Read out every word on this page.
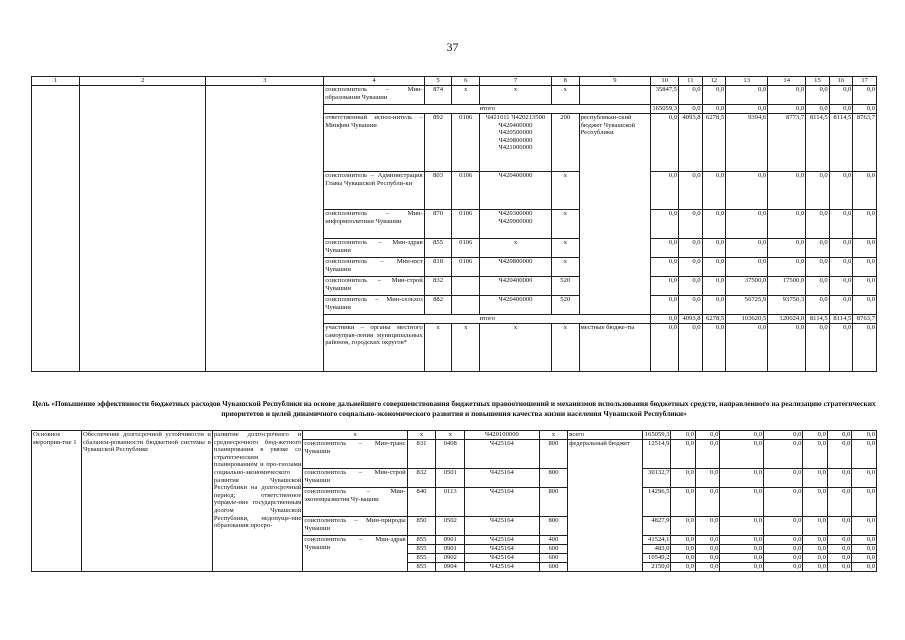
37
1	2	3	4	5	6	7	8	9	10	11	12	13	14	15	16	17
			соисполнитель – Мин-образования Чувашии	874	x	x	x		35847,5	0,0	0,0	0,0	0,0	0,0	0,0	0,0
			итого						165059,3	0,0	0,0	0,0	0,0	0,0	0,0	0,0
			ответственный испол-нитель – Минфин Чувашии	892	0106	Ч421011 Ч420213500 Ч420400000 Ч420500000 Ч420800000 Ч421000000	200	республикан-ский бюджет Чувашской Республики	0,0	4093,8	6278,5	9394,6	8773,7	8114,5	8114,5	8763,7
			соисполнитель – Администрация Главы Чувашской Республи-ки	803	0106	Ч420400000	x		0,0	0,0	0,0	0,0	0,0	0,0	0,0	0,0
			соисполнитель – Мин-информполитики Чувашии	870	0106	Ч420300000 Ч420900000	x		0,0	0,0	0,0	0,0	0,0	0,0	0,0	0,0
			соисполнитель – Мин-здрав Чувашии	855	0106	x	x		0,0	0,0	0,0	0,0	0,0	0,0	0,0	0,0
			соисполнитель – Мин-юст Чувашии	818	0106	Ч420800000	x		0,0	0,0	0,0	0,0	0,0	0,0	0,0	0,0
			соисполнитель – Мин-строй Чувашии	832		Ч420400000	520		0,0	0,0	0,0	37500,0	17500,0	0,0	0,0	0,0
			соисполнитель – Мин-сельхоз Чувашии	882		Ч420400000	520		0,0	0,0	0,0	56725,9	93750,3	0,0	0,0	0,0
			итого						0,0	4093,8	6278,5	103620,5	120024,0	8114,5	8114,5	8763,7
			участники – органы местного самоуправ-ления муниципальных районов, городских округов*	x	x	x	x	местные бюдже-ты	0,0	0,0	0,0	0,0	0,0	0,0	0,0	0,0
Цель «Повышение эффективности бюджетных расходов Чувашской Республики на основе дальнейшего совершенствования бюджетных правоотношений и механизмов использования бюджетных средств, направленного на реализацию стратегических приоритетов и целей динамичного социально-экономического развития и повышения качества жизни населения Чувашской Республики»
Основное мероприя-тие 1	Обеспечение долгосрочной устойчивости и сбаланси-рованности бюджетной системы в Чувашской Республике	развитие долгосрочного и среднесрочного бюд-жетного планирования в увязке со стратегическим планированием и про-гнозами социально-экономического развития Чувашской Республики на долгосрочный период; ответственное управле-ние государственным долгом Чувашской Республики, недопуще-ние образования просро-	x	x	x	Ч420100000	x	всего	165059,3	0,0	0,0	0,0	0,0	0,0	0,0	0,0
			соисполнитель – Мин-транс Чувашии	831	0408	Ч425164	800	федеральный бюджет	12514,9	0,0	0,0	0,0	0,0	0,0	0,0	0,0
			соисполнитель – Мин-строй Чувашии	832	0501	Ч425164	800		30132,7	0,0	0,0	0,0	0,0	0,0	0,0	0,0
			соисполнитель – Мин-экономразвития Чу-вашии	840	0113	Ч425164	800		14296,5	0,0	0,0	0,0	0,0	0,0	0,0	0,0
			соисполнитель – Мин-природы Чувашии	850	0502	Ч425164	800		4827,9	0,0	0,0	0,0	0,0	0,0	0,0	0,0
			соисполнитель – Мин-здрав Чувашии	855	0901	Ч425164	400		41524,1	0,0	0,0	0,0	0,0	0,0	0,0	0,0
				855	0901	Ч425164	600		483,0	0,0	0,0	0,0	0,0	0,0	0,0	0,0
				855	0902	Ч425164	600		10549,2	0,0	0,0	0,0	0,0	0,0	0,0	0,0
				855	0904	Ч425164	600		2150,0	0,0	0,0	0,0	0,0	0,0	0,0	0,0
